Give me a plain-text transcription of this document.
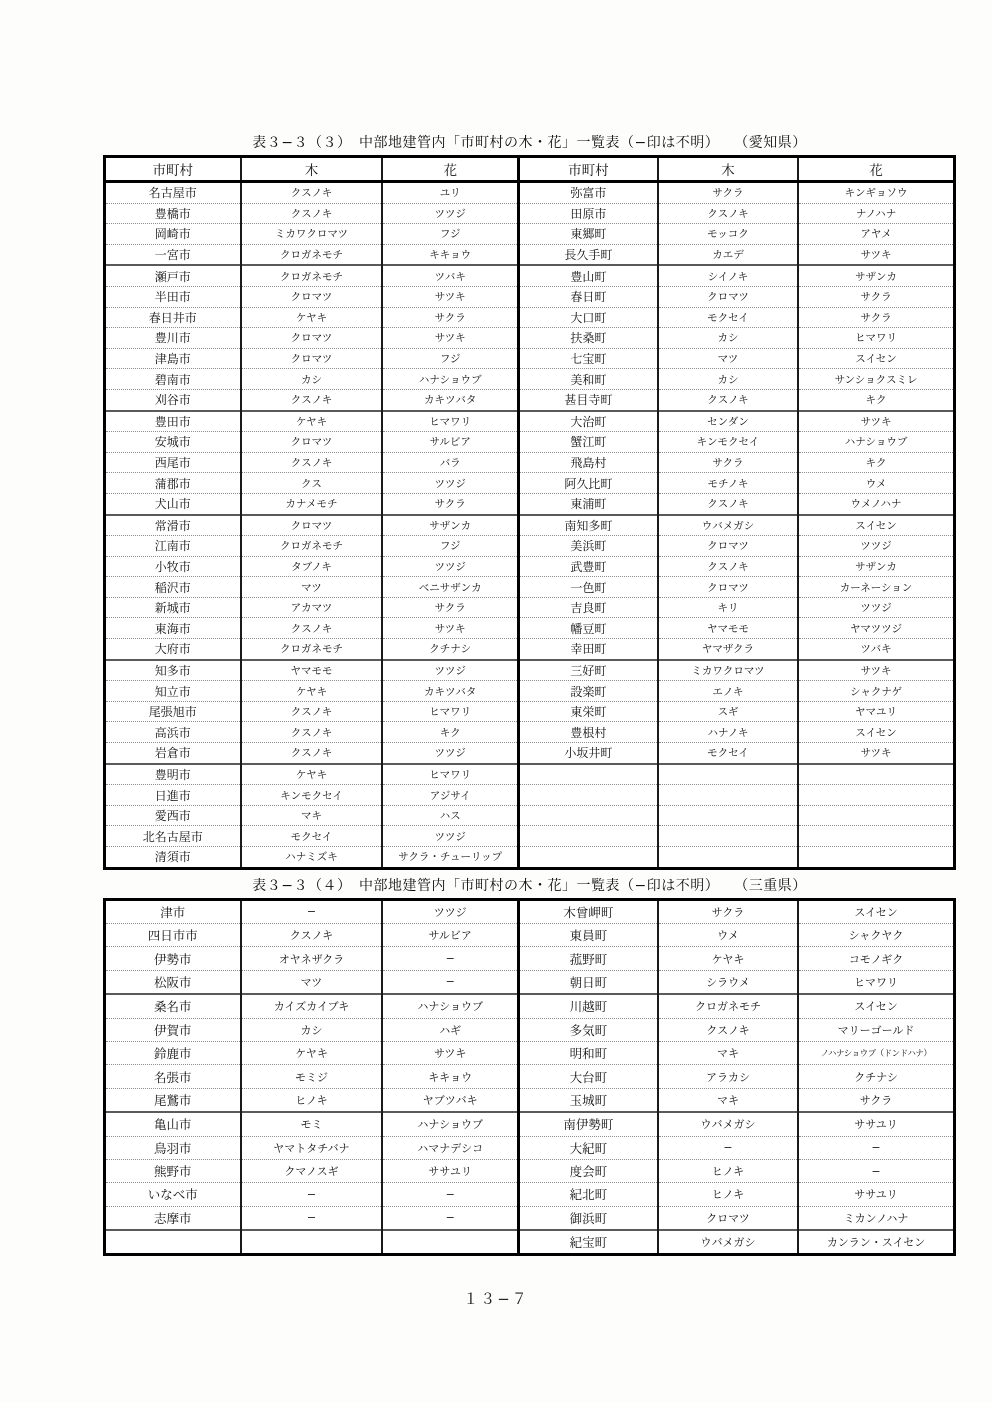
表３−３（３）　中部地建管内「市町村の木・花」一覧表（−印は不明）　　（愛知県）
市町村	木	花	市町村	木	花
名古屋市	クスノキ	ユリ	弥富市	サクラ	キンギョソウ
豊橋市	クスノキ	ツツジ	田原市	クスノキ	ナノハナ
岡崎市	ミカワクロマツ	フジ	東郷町	モッコク	アヤメ
一宮市	クロガネモチ	キキョウ	長久手町	カエデ	サツキ
瀬戸市	クロガネモチ	ツバキ	豊山町	シイノキ	サザンカ
半田市	クロマツ	サツキ	春日町	クロマツ	サクラ
春日井市	ケヤキ	サクラ	大口町	モクセイ	サクラ
豊川市	クロマツ	サツキ	扶桑町	カシ	ヒマワリ
津島市	クロマツ	フジ	七宝町	マツ	スイセン
碧南市	カシ	ハナショウブ	美和町	カシ	サンショクスミレ
刈谷市	クスノキ	カキツバタ	甚目寺町	クスノキ	キク
豊田市	ケヤキ	ヒマワリ	大治町	センダン	サツキ
安城市	クロマツ	サルビア	蟹江町	キンモクセイ	ハナショウブ
西尾市	クスノキ	バラ	飛島村	サクラ	キク
蒲郡市	クス	ツツジ	阿久比町	モチノキ	ウメ
犬山市	カナメモチ	サクラ	東浦町	クスノキ	ウメノハナ
常滑市	クロマツ	サザンカ	南知多町	ウバメガシ	スイセン
江南市	クロガネモチ	フジ	美浜町	クロマツ	ツツジ
小牧市	タブノキ	ツツジ	武豊町	クスノキ	サザンカ
稲沢市	マツ	ベニサザンカ	一色町	クロマツ	カーネーション
新城市	アカマツ	サクラ	吉良町	キリ	ツツジ
東海市	クスノキ	サツキ	幡豆町	ヤマモモ	ヤマツツジ
大府市	クロガネモチ	クチナシ	幸田町	ヤマザクラ	ツバキ
知多市	ヤマモモ	ツツジ	三好町	ミカワクロマツ	サツキ
知立市	ケヤキ	カキツバタ	設楽町	エノキ	シャクナゲ
尾張旭市	クスノキ	ヒマワリ	東栄町	スギ	ヤマユリ
高浜市	クスノキ	キク	豊根村	ハナノキ	スイセン
岩倉市	クスノキ	ツツジ	小坂井町	モクセイ	サツキ
豊明市	ケヤキ	ヒマワリ			
日進市	キンモクセイ	アジサイ			
愛西市	マキ	ハス			
北名古屋市	モクセイ	ツツジ			
清須市	ハナミズキ	サクラ・チューリップ			
表３−３（４）　中部地建管内「市町村の木・花」一覧表（−印は不明）　　（三重県）
津市	−	ツツジ	木曾岬町	サクラ	スイセン
四日市市	クスノキ	サルビア	東員町	ウメ	シャクヤク
伊勢市	オヤネザクラ	−	菰野町	ケヤキ	コモノギク
松阪市	マツ	−	朝日町	シラウメ	ヒマワリ
桑名市	カイズカイブキ	ハナショウブ	川越町	クロガネモチ	スイセン
伊賀市	カシ	ハギ	多気町	クスノキ	マリーゴールド
鈴鹿市	ケヤキ	サツキ	明和町	マキ	ノハナショウブ（ドンドハナ）
名張市	モミジ	キキョウ	大台町	アラカシ	クチナシ
尾鷲市	ヒノキ	ヤブツバキ	玉城町	マキ	サクラ
亀山市	モミ	ハナショウブ	南伊勢町	ウバメガシ	ササユリ
鳥羽市	ヤマトタチバナ	ハマナデシコ	大紀町	−	−
熊野市	クマノスギ	ササユリ	度会町	ヒノキ	−
いなべ市	−	−	紀北町	ヒノキ	ササユリ
志摩市	−	−	御浜町	クロマツ	ミカンノハナ
			紀宝町	ウバメガシ	カンラン・スイセン
１３−７
